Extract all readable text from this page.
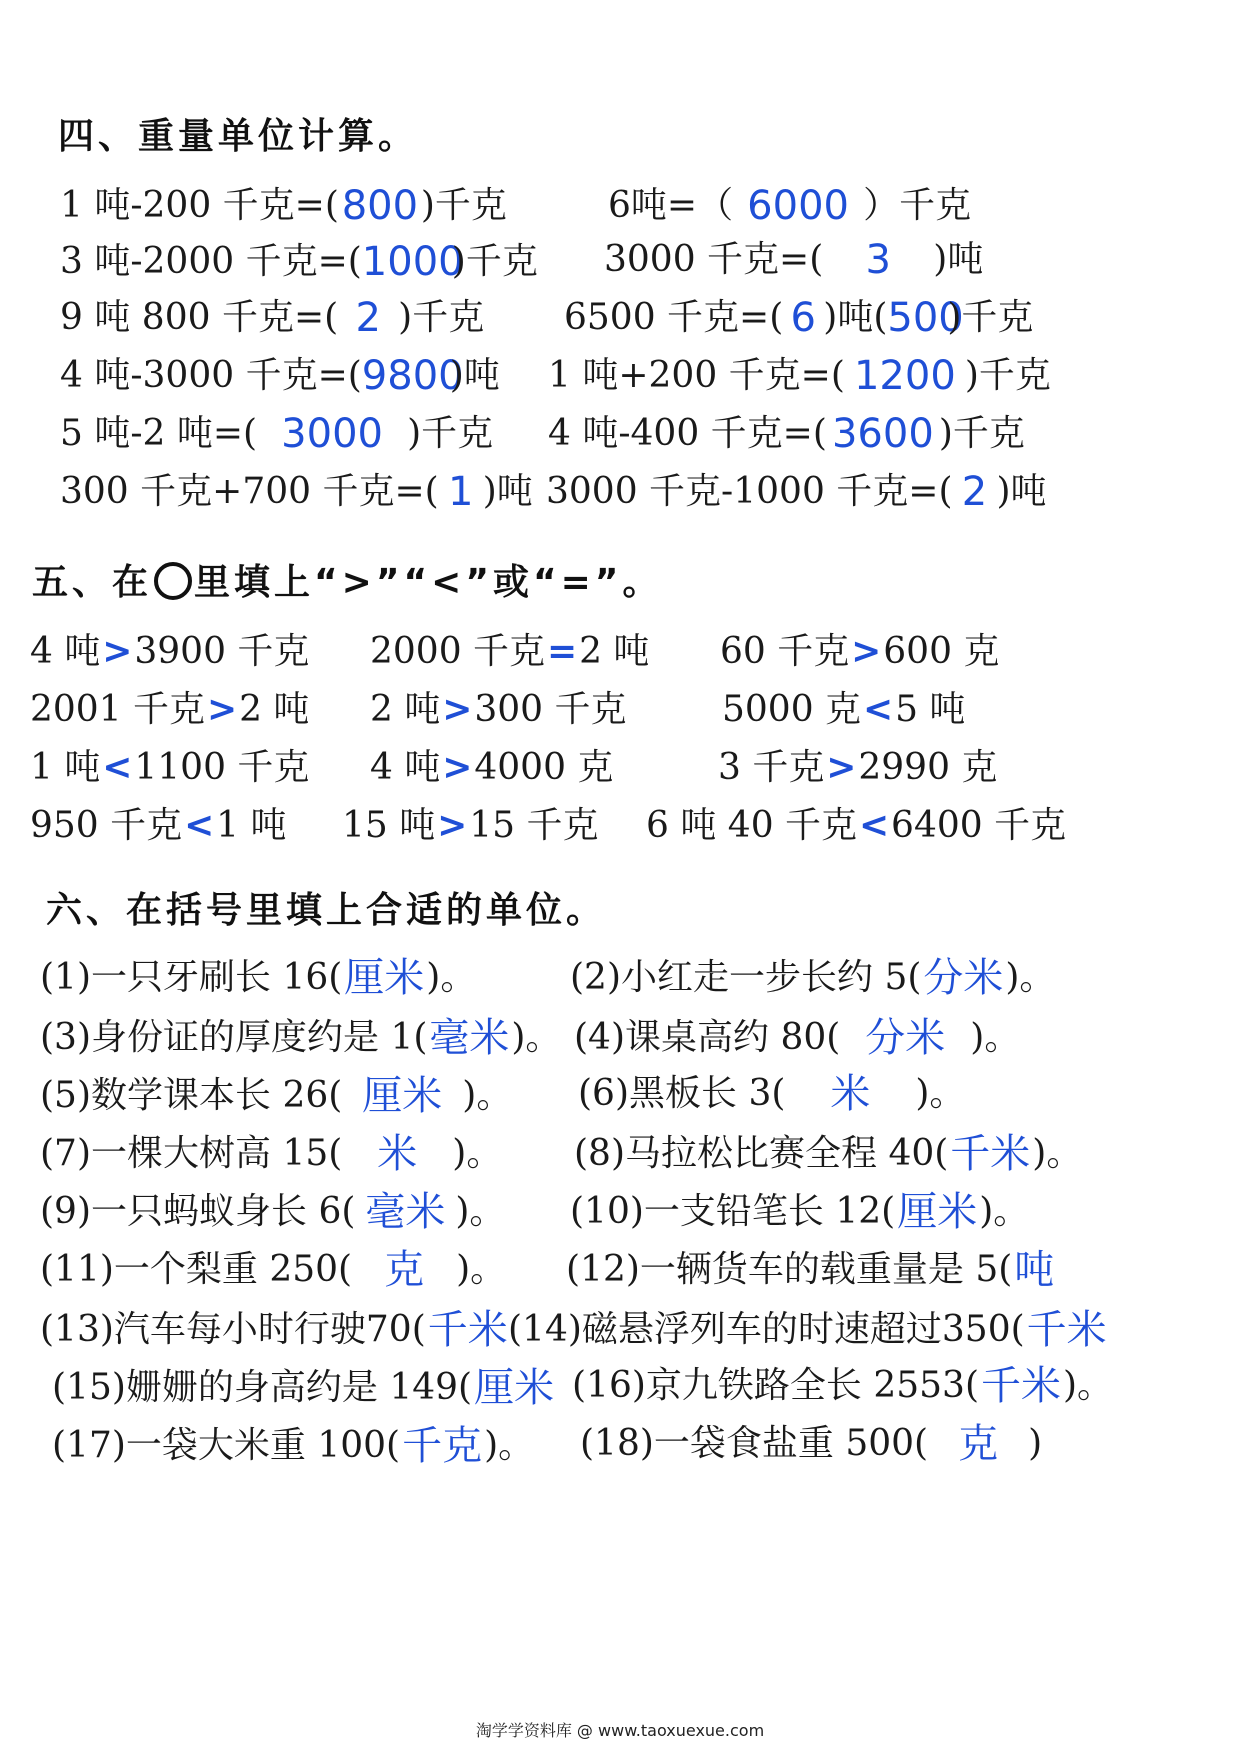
四、重量单位计算。
1 吨-200 千克=(800)千克	6吨=（ 6000 ）千克
3 吨-2000 千克=(1000)千克 3000 千克=( 3 )吨
9 吨 800 千克=( 2 )千克 6500 千克=( 6 )吨(500)千克
4 吨-3000 千克=(9800)吨 1 吨+200 千克=( 1200 )千克
5 吨-2 吨=( 3000 )千克 4 吨-400 千克=( 3600 )千克
300 千克+700 千克=( 1 )吨 3000 千克-1000 千克=( 2 )吨
五、在 里填上“>”“<”或“=”。
4 吨>3900 千克 2000 千克=2 吨 60 千克>600 克
2001 千克>2 吨 2 吨>300 千克	5000 克<5 吨
1 吨<1100 千克 4 吨>4000 克	3 千克>2990 克
950 千克<1 吨 15 吨>15 千克 6 吨 40 千克<6400 千克
六、在括号里填上合适的单位。
(1)一只牙刷长 16(厘米)。	(2)小红走一步长约 5(分米)。
(3)身份证的厚度约是 1(毫米)。 (4)课桌高约 80( 分米 )。
(5)数学课本长 26( 厘米 )。 (6)黑板长 3( 米 )。
(7)一棵大树高 15( 米 )。 (8)马拉松比赛全程 40(千米)。
(9)一只蚂蚁身长 6( 毫米 )。 (10)一支铅笔长 12(厘米)。
(11)一个梨重 250( 克 )。 (12)一辆货车的载重量是 5(吨
(13)汽车每小时行驶70(千米 (14)磁悬浮列车的时速超过350(千米
(15)姗姗的身高约是 149(厘米 (16)京九铁路全长 2553(千米)。
(17)一袋大米重 100(千克)。 (18)一袋食盐重 500( 克 )
淘学学资料库 @ www.taoxuexue.com
